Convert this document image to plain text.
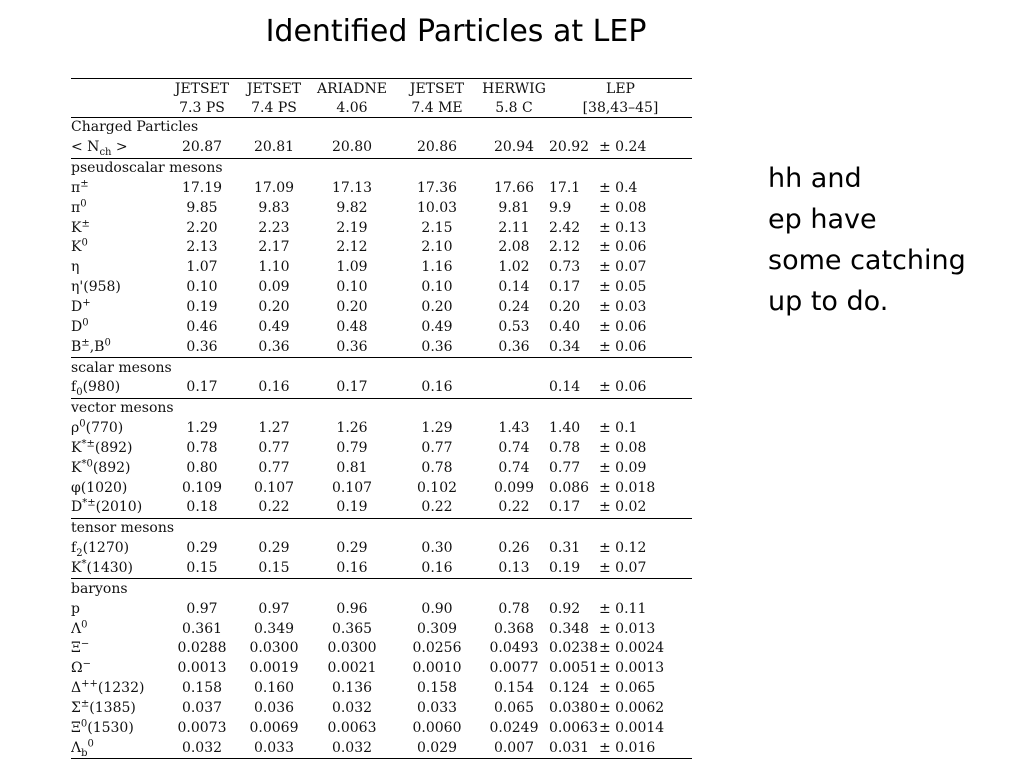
Identified Particles at LEP
hh and
ep have
some catching
up to do.
	JETSET	JETSET	ARIADNE	JETSET	HERWIG	LEP	
	7.3 PS	7.4 PS	4.06	7.4 ME	5.8 C	[38,43–45]	
Charged Particles							
< $N_{ch}$ >	20.87	20.81	20.80	20.86	20.94	20.92	± 0.24
pseudoscalar mesons							
π±	17.19	17.09	17.13	17.36	17.66	17.1	± 0.4
$\pi^0$	9.85	9.83	9.82	10.03	9.81	9.9	± 0.08
K±	2.20	2.23	2.19	2.15	2.11	2.42	± 0.13
$K^0$	2.13	2.17	2.12	2.10	2.08	2.12	± 0.06
η	1.07	1.10	1.09	1.16	1.02	0.73	± 0.07
η'(958)	0.10	0.09	0.10	0.10	0.14	0.17	± 0.05
D+	0.19	0.20	0.20	0.20	0.24	0.20	± 0.03
$D^0$	0.46	0.49	0.48	0.49	0.53	0.40	± 0.06
$B^\pm,B^0$	0.36	0.36	0.36	0.36	0.36	0.34	± 0.06
scalar mesons							
$f_0(980)$	0.17	0.16	0.17	0.16		0.14	± 0.06
vector mesons							
$\rho^0(770)$	1.29	1.27	1.26	1.29	1.43	1.40	± 0.1
K*±(892)	0.78	0.77	0.79	0.77	0.74	0.78	± 0.08
$K^{*0}(892)$	0.80	0.77	0.81	0.78	0.74	0.77	± 0.09
φ(1020)	0.109	0.107	0.107	0.102	0.099	0.086	± 0.018
D*±(2010)	0.18	0.22	0.19	0.22	0.22	0.17	± 0.02
tensor mesons							
$f_2(1270)$	0.29	0.29	0.29	0.30	0.26	0.31	± 0.12
K*(1430)	0.15	0.15	0.16	0.16	0.13	0.19	± 0.07
baryons							
p	0.97	0.97	0.96	0.90	0.78	0.92	± 0.11
$\Lambda^0$	0.361	0.349	0.365	0.309	0.368	0.348	± 0.013
Ξ−	0.0288	0.0300	0.0300	0.0256	0.0493	0.0238	± 0.0024
Ω−	0.0013	0.0019	0.0021	0.0010	0.0077	0.0051	± 0.0013
Δ++(1232)	0.158	0.160	0.136	0.158	0.154	0.124	± 0.065
Σ±(1385)	0.037	0.036	0.032	0.033	0.065	0.0380	± 0.0062
$\Xi^0(1530)$	0.0073	0.0069	0.0063	0.0060	0.0249	0.0063	± 0.0014
$\Lambda_b^0$	0.032	0.033	0.032	0.029	0.007	0.031	± 0.016
